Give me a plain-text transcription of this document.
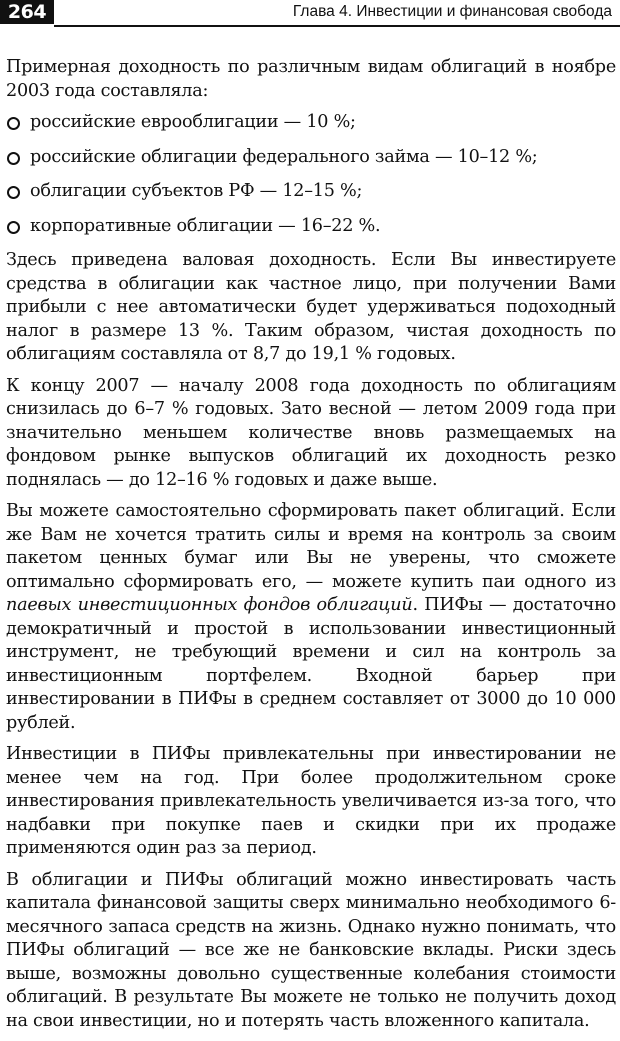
264	Глава 4. Инвестиции и финансовая свобода

Примерная доходность по различным видам облигаций в ноябре 2003 года составляла:

российские еврооблигации — 10 %;
российские облигации федерального займа — 10–12 %;
облигации субъектов РФ — 12–15 %;
корпоративные облигации — 16–22 %.

Здесь приведена валовая доходность. Если Вы инвестируете средства в облигации как частное лицо, при получении Вами прибыли с нее автоматически будет удерживаться подоходный налог в размере 13 %. Таким образом, чистая доходность по облигациям составляла от 8,7 до 19,1 % годовых.

К концу 2007 — началу 2008 года доходность по облигациям снизилась до 6–7 % годовых. Зато весной — летом 2009 года при значительно меньшем количестве вновь размещаемых на фондовом рынке выпусков облигаций их доходность резко поднялась — до 12–16 % годовых и даже выше.

Вы можете самостоятельно сформировать пакет облигаций. Если же Вам не хочется тратить силы и время на контроль за своим пакетом ценных бумаг или Вы не уверены, что сможете оптимально сформировать его, — можете купить паи одного из паевых инвестиционных фондов облигаций. ПИФы — достаточно демократичный и простой в использовании инвестиционный инструмент, не требующий времени и сил на контроль за инвестиционным портфелем. Входной барьер при инвестировании в ПИФы в среднем составляет от 3000 до 10 000 рублей.

Инвестиции в ПИФы привлекательны при инвестировании не менее чем на год. При более продолжительном сроке инвестирования привлекательность увеличивается из-за того, что надбавки при покупке паев и скидки при их продаже применяются один раз за период.

В облигации и ПИФы облигаций можно инвестировать часть капитала финансовой защиты сверх минимально необходимого 6-месячного запаса средств на жизнь. Однако нужно понимать, что ПИФы облигаций — все же не банковские вклады. Риски здесь выше, возможны довольно существенные колебания стоимости облигаций. В результате Вы можете не только не получить доход на свои инвестиции, но и потерять часть вложенного капитала.
